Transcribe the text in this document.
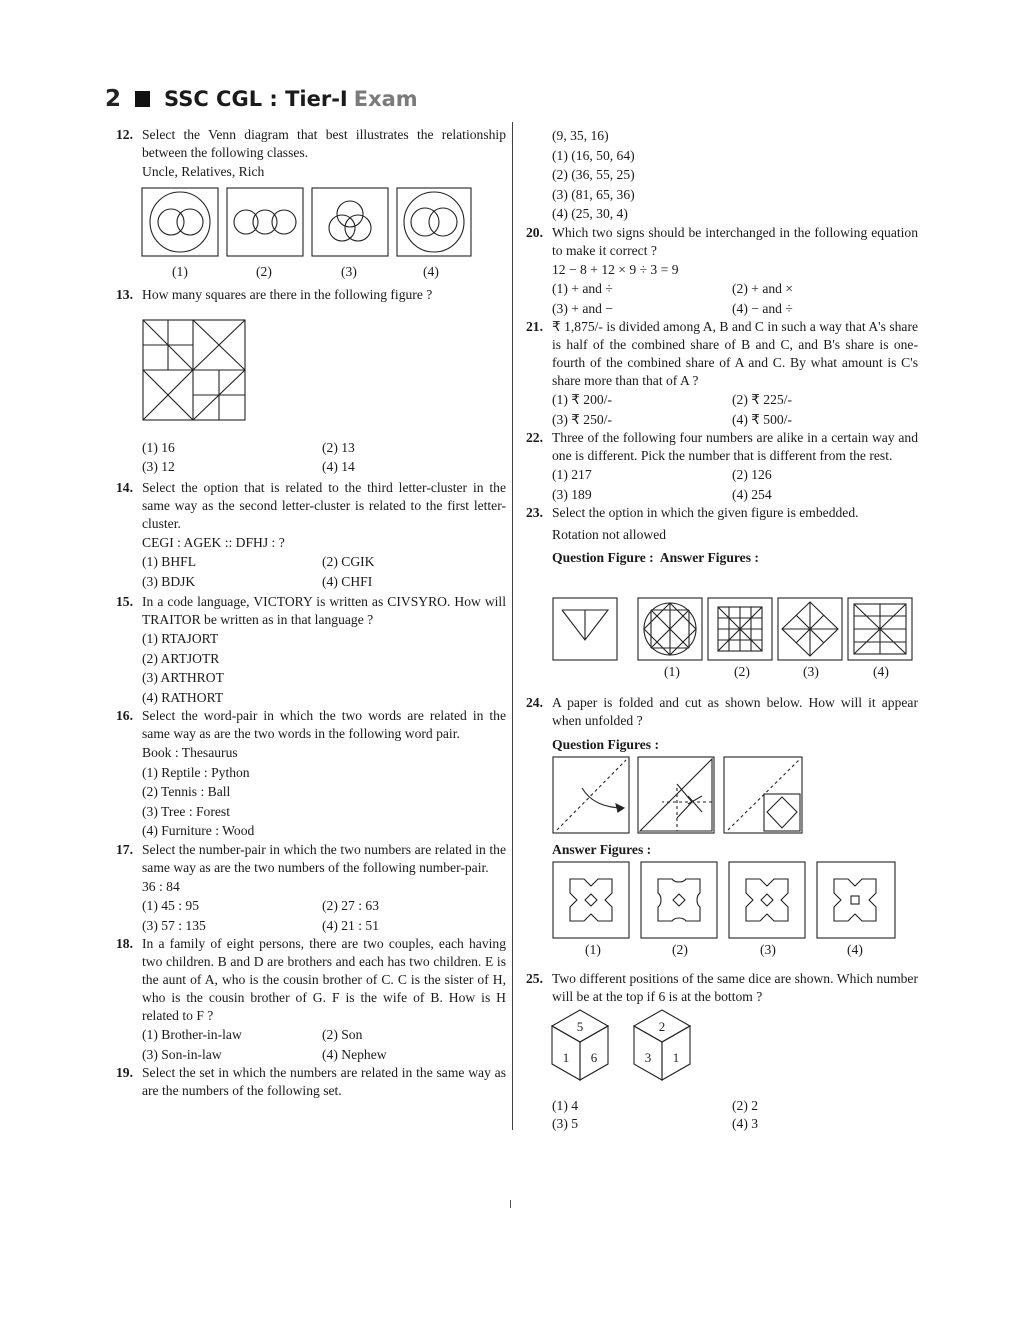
2 SSC CGL : Tier-I Exam
12. Select the Venn diagram that best illustrates the relationship between the following classes.
Uncle, Relatives, Rich
13. How many squares are there in the following figure ?
(1) 16	(2) 13
(3) 12	(4) 14
14. Select the option that is related to the third letter-cluster in the same way as the second letter-cluster is related to the first letter-cluster.
CEGI : AGEK :: DFHJ : ?
(1) BHFL	(2) CGIK
(3) BDJK	(4) CHFI
15. In a code language, VICTORY is written as CIVSYRO. How will TRAITOR be written as in that language ?
(1) RTAJORT
(2) ARTJOTR
(3) ARTHROT
(4) RATHORT
16. Select the word-pair in which the two words are related in the same way as are the two words in the following word pair.
Book : Thesaurus
(1) Reptile : Python
(2) Tennis : Ball
(3) Tree : Forest
(4) Furniture : Wood
17. Select the number-pair in which the two numbers are related in the same way as are the two numbers of the following number-pair.
36 : 84
(1) 45 : 95	(2) 27 : 63
(3) 57 : 135	(4) 21 : 51
18. In a family of eight persons, there are two couples, each having two children. B and D are brothers and each has two children. E is the aunt of A, who is the cousin brother of C. C is the sister of H, who is the cousin brother of G. F is the wife of B. How is H related to F ?
(1) Brother-in-law	(2) Son
(3) Son-in-law	(4) Nephew
19. Select the set in which the numbers are related in the same way as are the numbers of the following set.
(1)	(2)	(3)	(4)
(9, 35, 16)
(1) (16, 50, 64)
(2) (36, 55, 25)
(3) (81, 65, 36)
(4) (25, 30, 4)
20. Which two signs should be interchanged in the following equation to make it correct ?
12 − 8 + 12 × 9 ÷ 3 = 9
(1) + and ÷	(2) + and ×
(3) + and −	(4) − and ÷
21. ₹ 1,875/- is divided among A, B and C in such a way that A's share is half of the combined share of B and C, and B's share is one-fourth of the combined share of A and C. By what amount is C's share more than that of A ?
(1) ₹ 200/-	(2) ₹ 225/-
(3) ₹ 250/-	(4) ₹ 500/-
22. Three of the following four numbers are alike in a certain way and one is different. Pick the number that is different from the rest.
(1) 217	(2) 126
(3) 189	(4) 254
23. Select the option in which the given figure is embedded.
Rotation not allowed
Question Figure : Answer Figures :
(1)	(2)	(3)	(4)
24. A paper is folded and cut as shown below. How will it appear when unfolded ?
Question Figures :
Answer Figures :
(1)	(2)	(3)	(4)
25. Two different positions of the same dice are shown. Which number will be at the top if 6 is at the bottom ?
5
1 6
2
3 1
(1) 4	(2) 2
(3) 5	(4) 3
